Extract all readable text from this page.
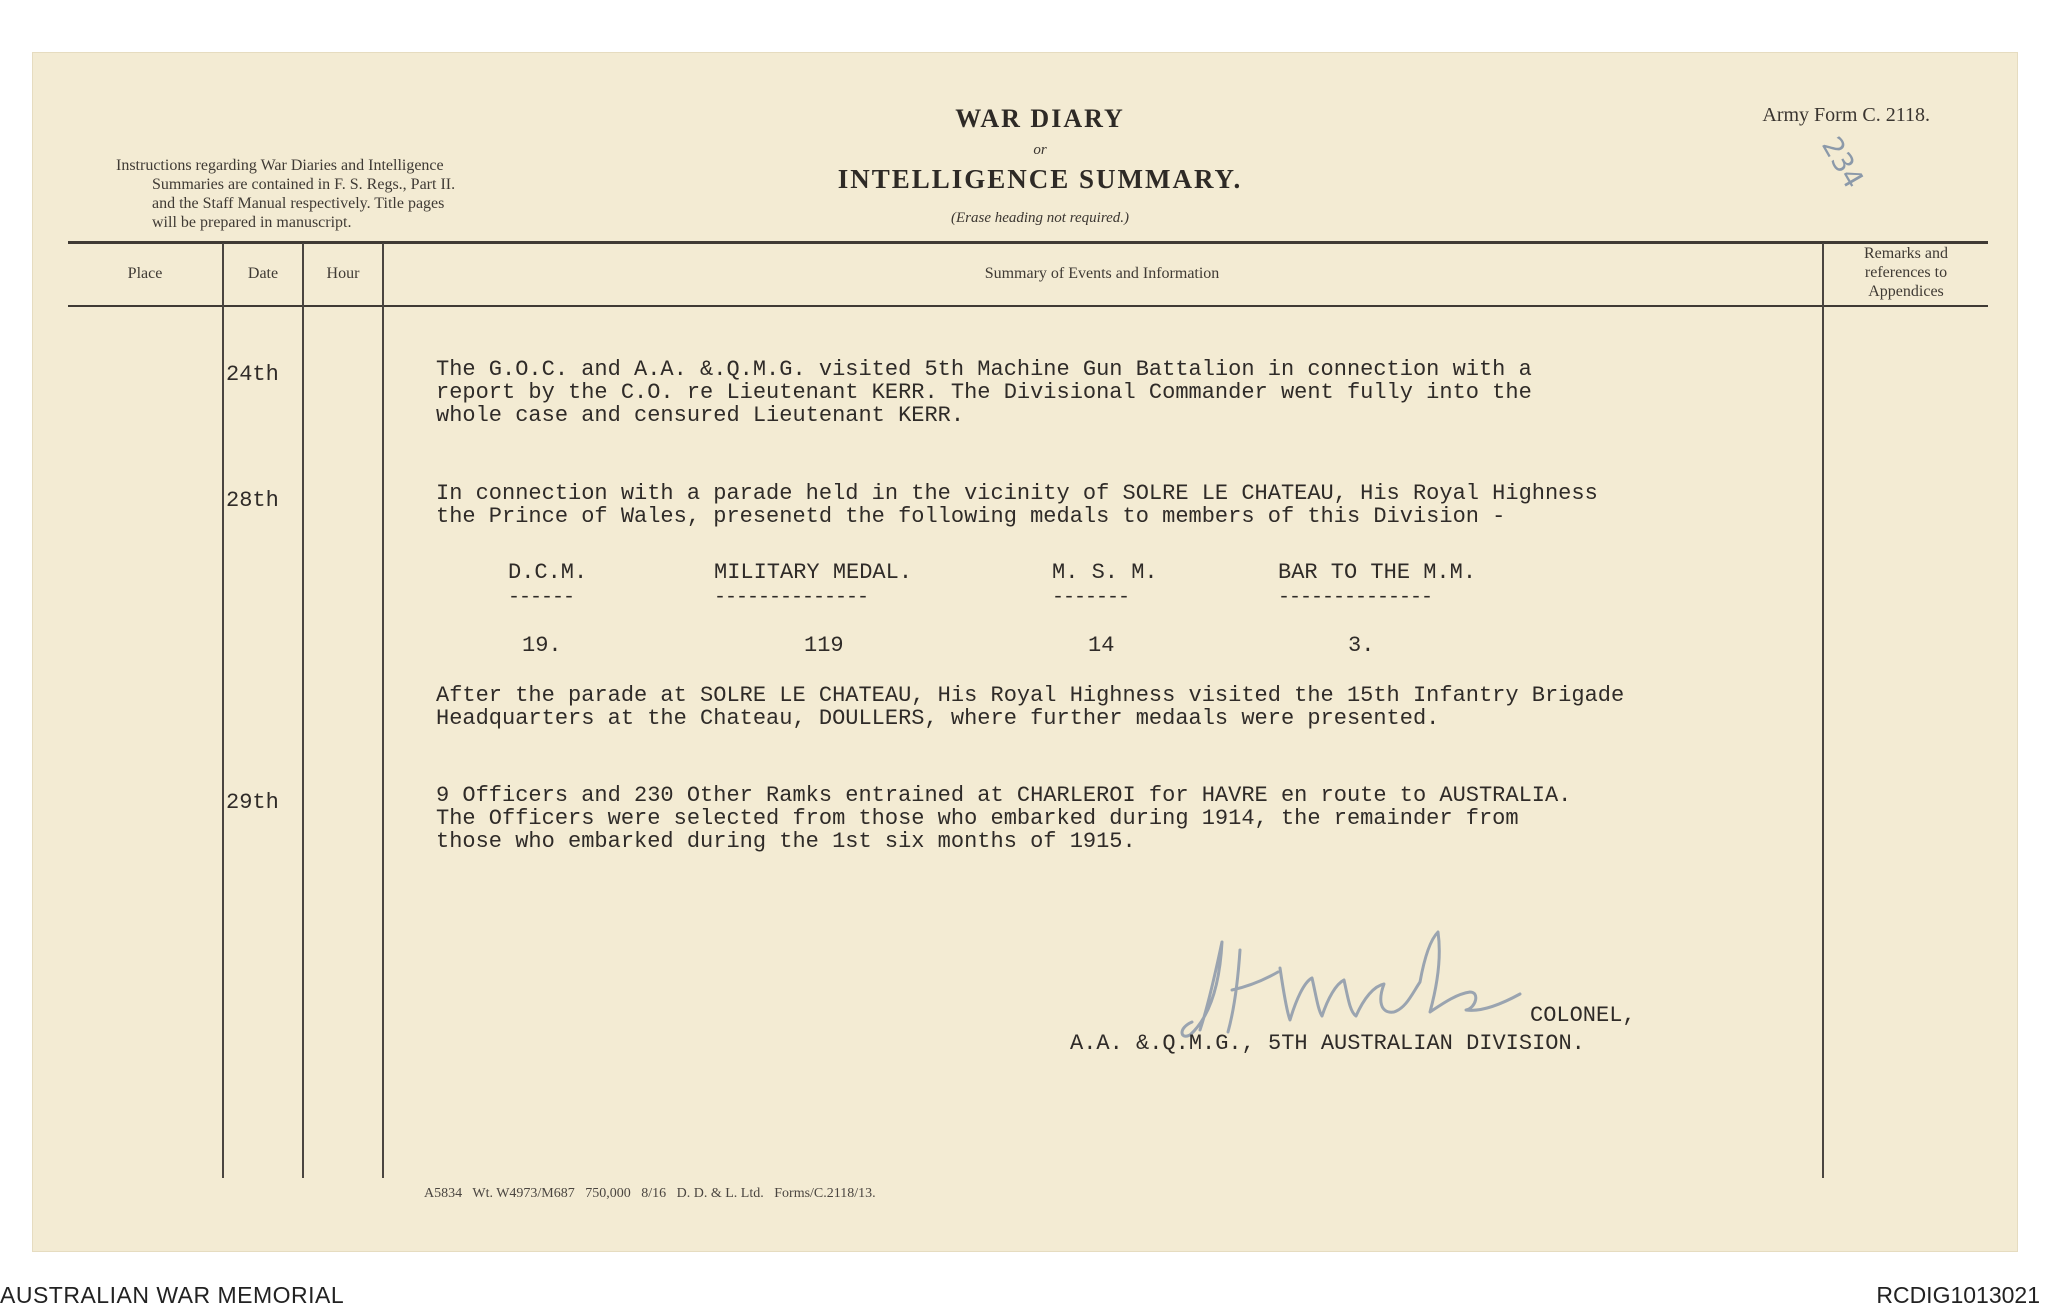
Instructions regarding War Diaries and Intelligence
Summaries are contained in F. S. Regs., Part II.
and the Staff Manual respectively. Title pages
will be prepared in manuscript.
WAR DIARY
or
INTELLIGENCE SUMMARY.
(Erase heading not required.)
Army Form C. 2118.
234
Place	Date	Hour	Summary of Events and Information
Remarks and
references to
Appendices
24th	The G.O.C. and A.A. &.Q.M.G. visited 5th Machine Gun Battalion in connection with a
report by the C.O. re Lieutenant KERR. The Divisional Commander went fully into the
whole case and censured Lieutenant KERR.
28th	In connection with a parade held in the vicinity of SOLRE LE CHATEAU, His Royal Highness
the Prince of Wales, presenetd the following medals to members of this Division -
D.C.M.	MILITARY MEDAL.	M. S. M.	BAR TO THE M.M.
------	--------------	-------	--------------
19.	119	14	3.
After the parade at SOLRE LE CHATEAU, His Royal Highness visited the 15th Infantry Brigade
Headquarters at the Chateau, DOULLERS, where further medaals were presented.
29th	9 Officers and 230 Other Ramks entrained at CHARLEROI for HAVRE en route to AUSTRALIA.
The Officers were selected from those who embarked during 1914, the remainder from
those who embarked during the 1st six months of 1915.
COLONEL,
A.A. &.Q.M.G., 5TH AUSTRALIAN DIVISION.
A5834   Wt. W4973/M687   750,000   8/16   D. D. & L. Ltd.   Forms/C.2118/13.
AUSTRALIAN WAR MEMORIAL	RCDIG1013021
